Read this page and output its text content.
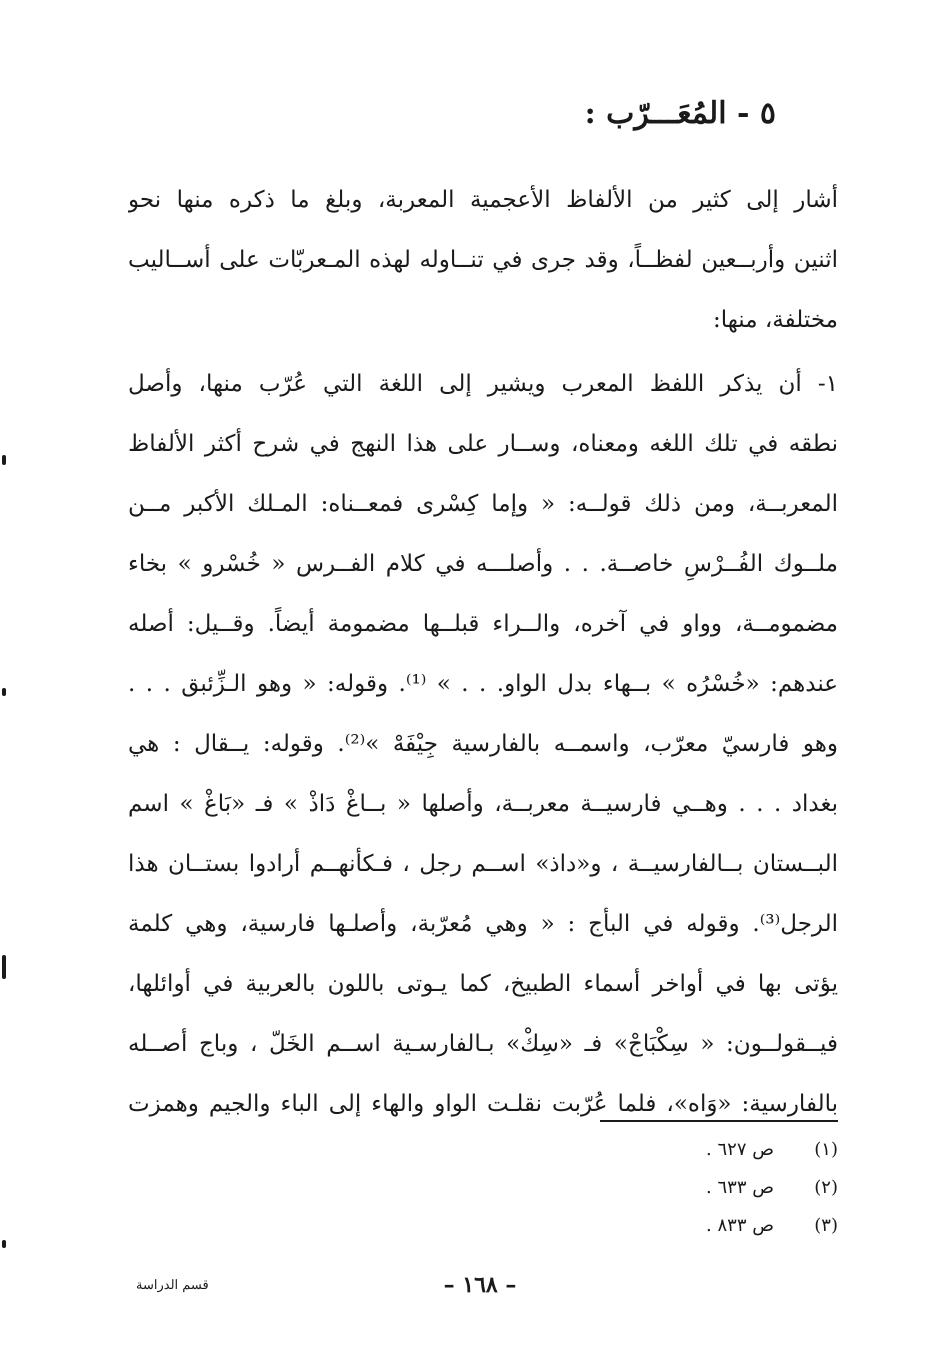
٥ - المُعَـــرّب :
أشار إلى كثير من الألفاظ الأعجمية المعربة، وبلغ ما ذكره منها نحو
اثنين وأربــعين لفظــاً، وقد جرى في تنــاوله لهذه المـعربّات على أســاليب
مختلفة، منها:
١- أن يذكر اللفظ المعرب ويشير إلى اللغة التي عُرّب منها، وأصل
نطقه في تلك اللغه ومعناه، وســار على هذا النهج في شرح أكثر الألفاظ
المعربــة، ومن ذلك قولــه: « وإما كِسْرى فمعــناه: المـلك الأكبر مــن
ملــوك الفُــرْسِ خاصــة. . . وأصلـــه في كلام الفــرس « خُسْرو » بخاء
مضمومــة، وواو في آخره، والــراء قبلــها مضمومة أيضاً. وقــيل: أصله
عندهم: «خُسْرُه » بــهاء بدل الواو. . . » ⁽¹⁾. وقوله: « وهو الـزِّئبق . . .
وهو فارسيّ معرّب، واسمــه بالفارسية جِيْفَهْ »⁽²⁾. وقوله: يــقال : هي
بغداد . . . وهــي فارسيــة معربــة، وأصلها « بــاغْ دَاذْ » فـ «بَاغْ » اسم
البــستان بــالفارسيــة ، و«داذ» اســم رجل ، فـكأنهــم أرادوا بستــان هذا
الرجل⁽³⁾. وقوله في البأج : « وهي مُعرّبة، وأصلـها فارسية، وهي كلمة
يؤتى بها في أواخر أسماء الطبيخ، كما يـوتى باللون بالعربية في أوائلها،
فيــقولــون: « سِكْبَاجْ» فـ «سِكْ» بـالفارسـية اســم الخَلّ ، وباج أصــله
بالفارسية: «وَاه»، فلما عُرّبت نقلـت الواو والهاء إلى الباء والجيم وهمزت
(١)
ص ٦٢٧ .
(٢)
ص ٦٣٣ .
(٣)
ص ٨٣٣ .
– ١٦٨ –
قسم الدراسة
